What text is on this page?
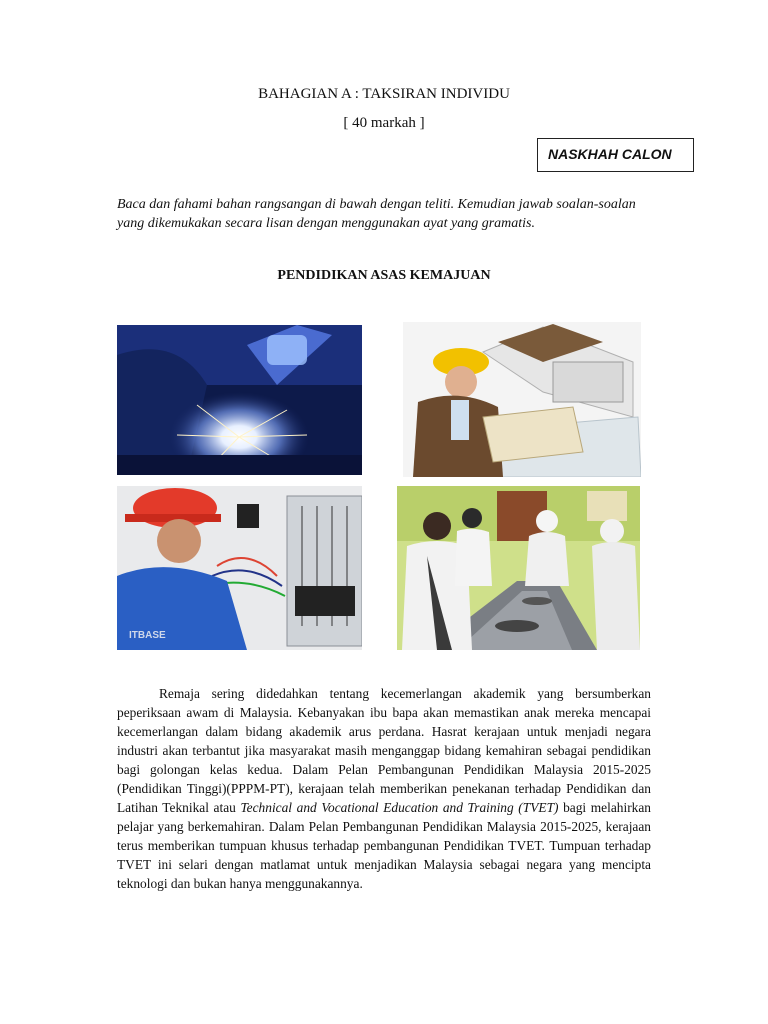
BAHAGIAN A : TAKSIRAN INDIVIDU
[ 40 markah ]
NASKHAH CALON
Baca dan fahami bahan rangsangan di bawah dengan teliti. Kemudian jawab soalan-soalan yang dikemukakan secara lisan dengan menggunakan ayat yang gramatis.
PENDIDIKAN ASAS KEMAJUAN
ITBASE
Remaja sering didedahkan tentang kecemerlangan akademik yang bersumberkan peperiksaan awam di Malaysia. Kebanyakan ibu bapa akan memastikan anak mereka mencapai kecemerlangan dalam bidang akademik arus perdana. Hasrat kerajaan untuk menjadi negara industri akan terbantut jika masyarakat masih menganggap bidang kemahiran sebagai pendidikan bagi golongan kelas kedua. Dalam Pelan Pembangunan Pendidikan Malaysia 2015-2025 (Pendidikan Tinggi)(PPPM-PT), kerajaan telah memberikan penekanan terhadap Pendidikan dan Latihan Teknikal atau Technical and Vocational Education and Training (TVET) bagi melahirkan pelajar yang berkemahiran. Dalam Pelan Pembangunan Pendidikan Malaysia 2015-2025, kerajaan terus memberikan tumpuan khusus terhadap pembangunan Pendidikan TVET. Tumpuan terhadap TVET ini selari dengan matlamat untuk menjadikan Malaysia sebagai negara yang mencipta teknologi dan bukan hanya menggunakannya.
